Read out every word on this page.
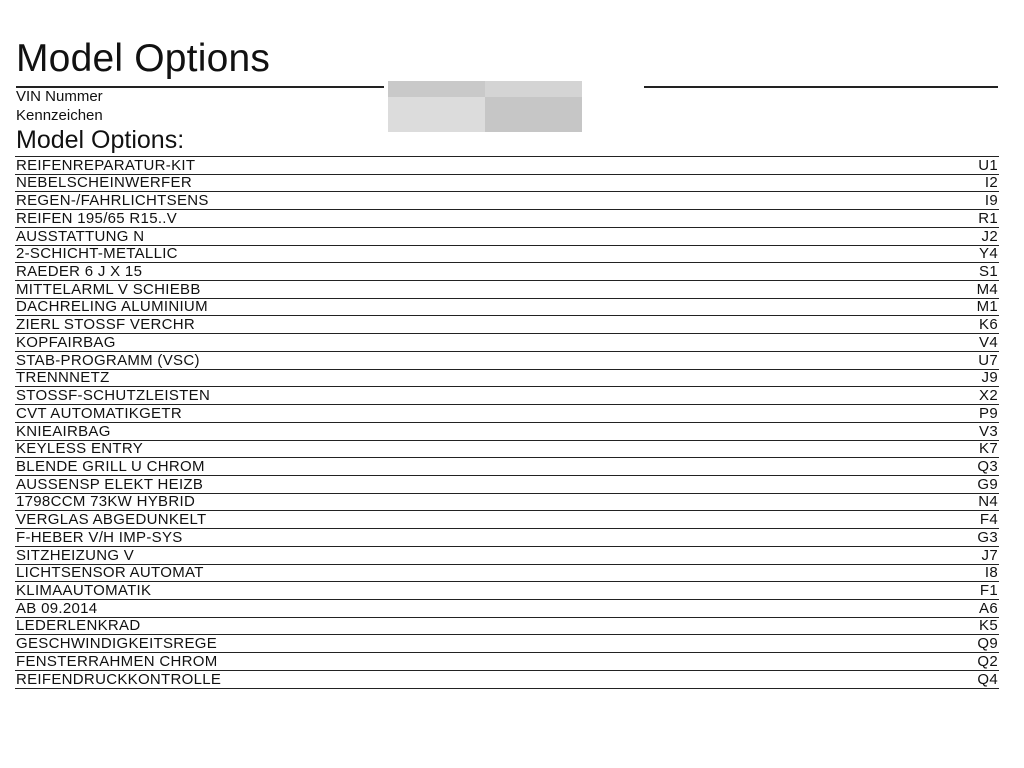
Model Options
VIN Nummer
Kennzeichen
Model Options:
REIFENREPARATUR-KIT	U1
NEBELSCHEINWERFER	I2
REGEN-/FAHRLICHTSENS	I9
REIFEN 195/65 R15..V	R1
AUSSTATTUNG N	J2
2-SCHICHT-METALLIC	Y4
RAEDER 6 J X 15	S1
MITTELARML V SCHIEBB	M4
DACHRELING ALUMINIUM	M1
ZIERL STOSSF VERCHR	K6
KOPFAIRBAG	V4
STAB-PROGRAMM (VSC)	U7
TRENNNETZ	J9
STOSSF-SCHUTZLEISTEN	X2
CVT AUTOMATIKGETR	P9
KNIEAIRBAG	V3
KEYLESS ENTRY	K7
BLENDE GRILL U CHROM	Q3
AUSSENSP ELEKT HEIZB	G9
1798CCM 73KW HYBRID	N4
VERGLAS ABGEDUNKELT	F4
F-HEBER V/H IMP-SYS	G3
SITZHEIZUNG V	J7
LICHTSENSOR AUTOMAT	I8
KLIMAAUTOMATIK	F1
AB 09.2014	A6
LEDERLENKRAD	K5
GESCHWINDIGKEITSREGE	Q9
FENSTERRAHMEN CHROM	Q2
REIFENDRUCKKONTROLLE	Q4
